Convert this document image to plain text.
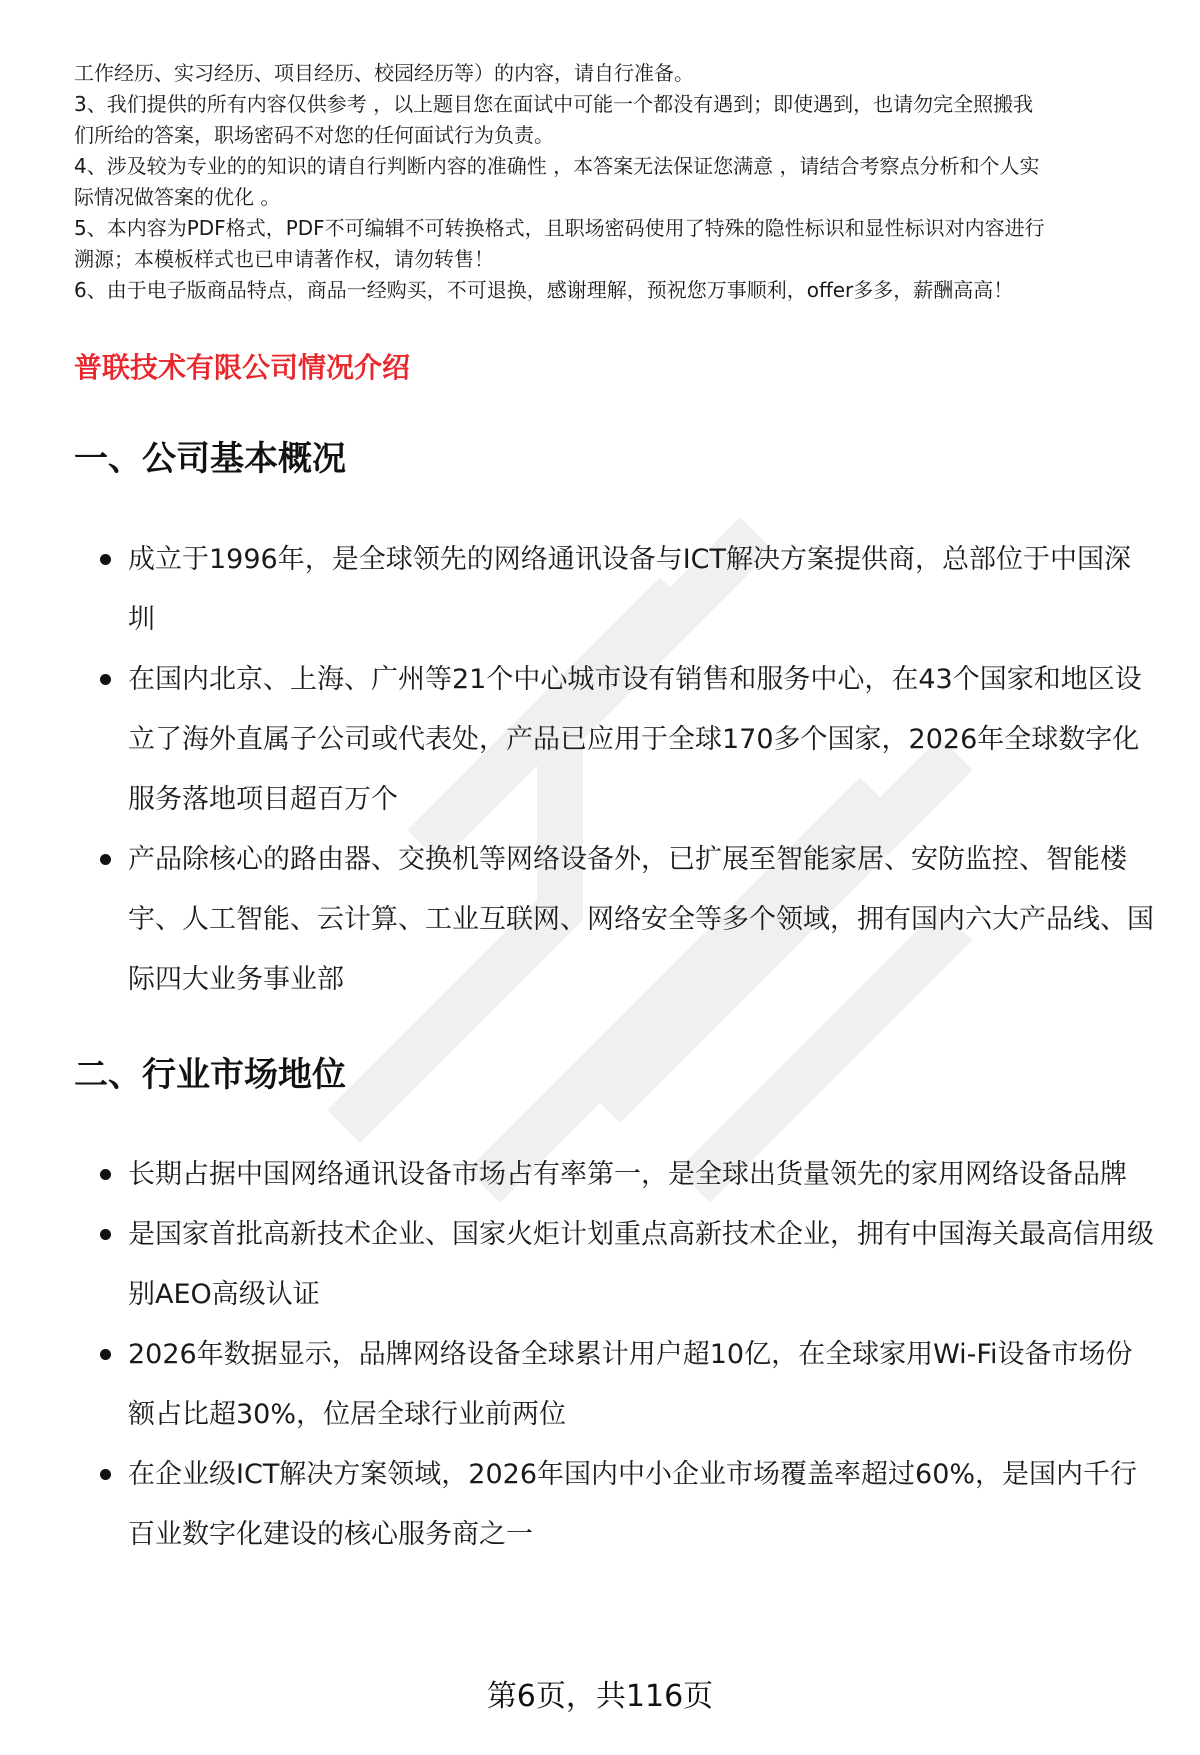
工作经历、实习经历、项目经历、校园经历等）的内容，请自行准备。

3、我们提供的所有内容仅供参考 ，以上题目您在面试中可能一个都没有遇到；即使遇到，也请勿完全照搬我

们所给的答案，职场密码不对您的任何面试行为负责。

4、涉及较为专业的的知识的请自行判断内容的准确性 ，本答案无法保证您满意 ，请结合考察点分析和个人实

际情况做答案的优化 。

5、本内容为PDF格式，PDF不可编辑不可转换格式，且职场密码使用了特殊的隐性标识和显性标识对内容进行

溯源；本模板样式也已申请著作权，请勿转售！

6、由于电子版商品特点，商品一经购买，不可退换，感谢理解，预祝您万事顺利，offer多多，薪酬高高！

普联技术有限公司情况介绍
一、公司基本概况
成立于1996年，是全球领先的网络通讯设备与ICT解决方案提供商，总部位于中国深圳
在国内北京、上海、广州等21个中心城市设有销售和服务中心，在43个国家和地区设立了海外直属子公司或代表处，产品已应用于全球170多个国家，2026年全球数字化服务落地项目超百万个
产品除核心的路由器、交换机等网络设备外，已扩展至智能家居、安防监控、智能楼宇、人工智能、云计算、工业互联网、网络安全等多个领域，拥有国内六大产品线、国际四大业务事业部
二、行业市场地位
长期占据中国网络通讯设备市场占有率第一，是全球出货量领先的家用网络设备品牌
是国家首批高新技术企业、国家火炬计划重点高新技术企业，拥有中国海关最高信用级别AEO高级认证
2026年数据显示，品牌网络设备全球累计用户超10亿，在全球家用Wi-Fi设备市场份额占比超30%，位居全球行业前两位
在企业级ICT解决方案领域，2026年国内中小企业市场覆盖率超过60%，是国内千行百业数字化建设的核心服务商之一
第6页，共116页
